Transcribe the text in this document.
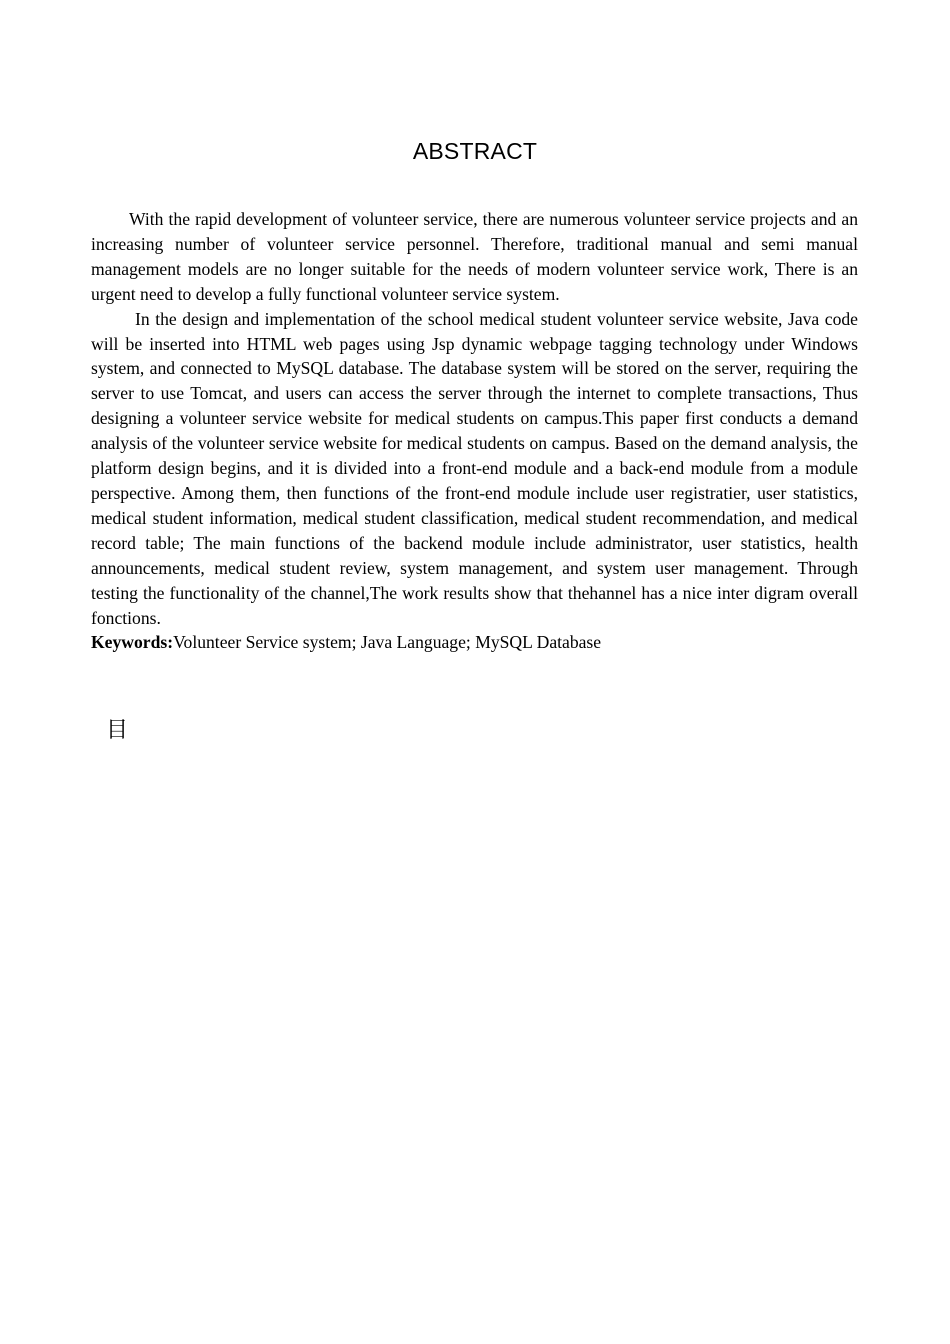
ABSTRACT

With the rapid development of volunteer service, there are numerous volunteer service projects and an increasing number of volunteer service personnel. Therefore, traditional manual and semi manual management models are no longer suitable for the needs of modern volunteer service work, There is an urgent need to develop a fully functional volunteer service system.

In the design and implementation of the school medical student volunteer service website, Java code will be inserted into HTML web pages using Jsp dynamic webpage tagging technology under Windows system, and connected to MySQL database. The database system will be stored on the server, requiring the server to use Tomcat, and users can access the server through the internet to complete transactions, Thus designing a volunteer service website for medical students on campus.This paper first conducts a demand analysis of the volunteer service website for medical students on campus. Based on the demand analysis, the platform design begins, and it is divided into a front-end module and a back-end module from a module perspective. Among them, then functions of the front-end module include user registratier, user statistics, medical student information, medical student classification, medical student recommendation, and medical record table; The main functions of the backend module include administrator, user statistics, health announcements, medical student review, system management, and system user management. Through testing the functionality of the channel,The work results show that thehannel has a nice inter digram overall fonctions.

Keywords:Volunteer Service system; Java Language; MySQL Database

目
